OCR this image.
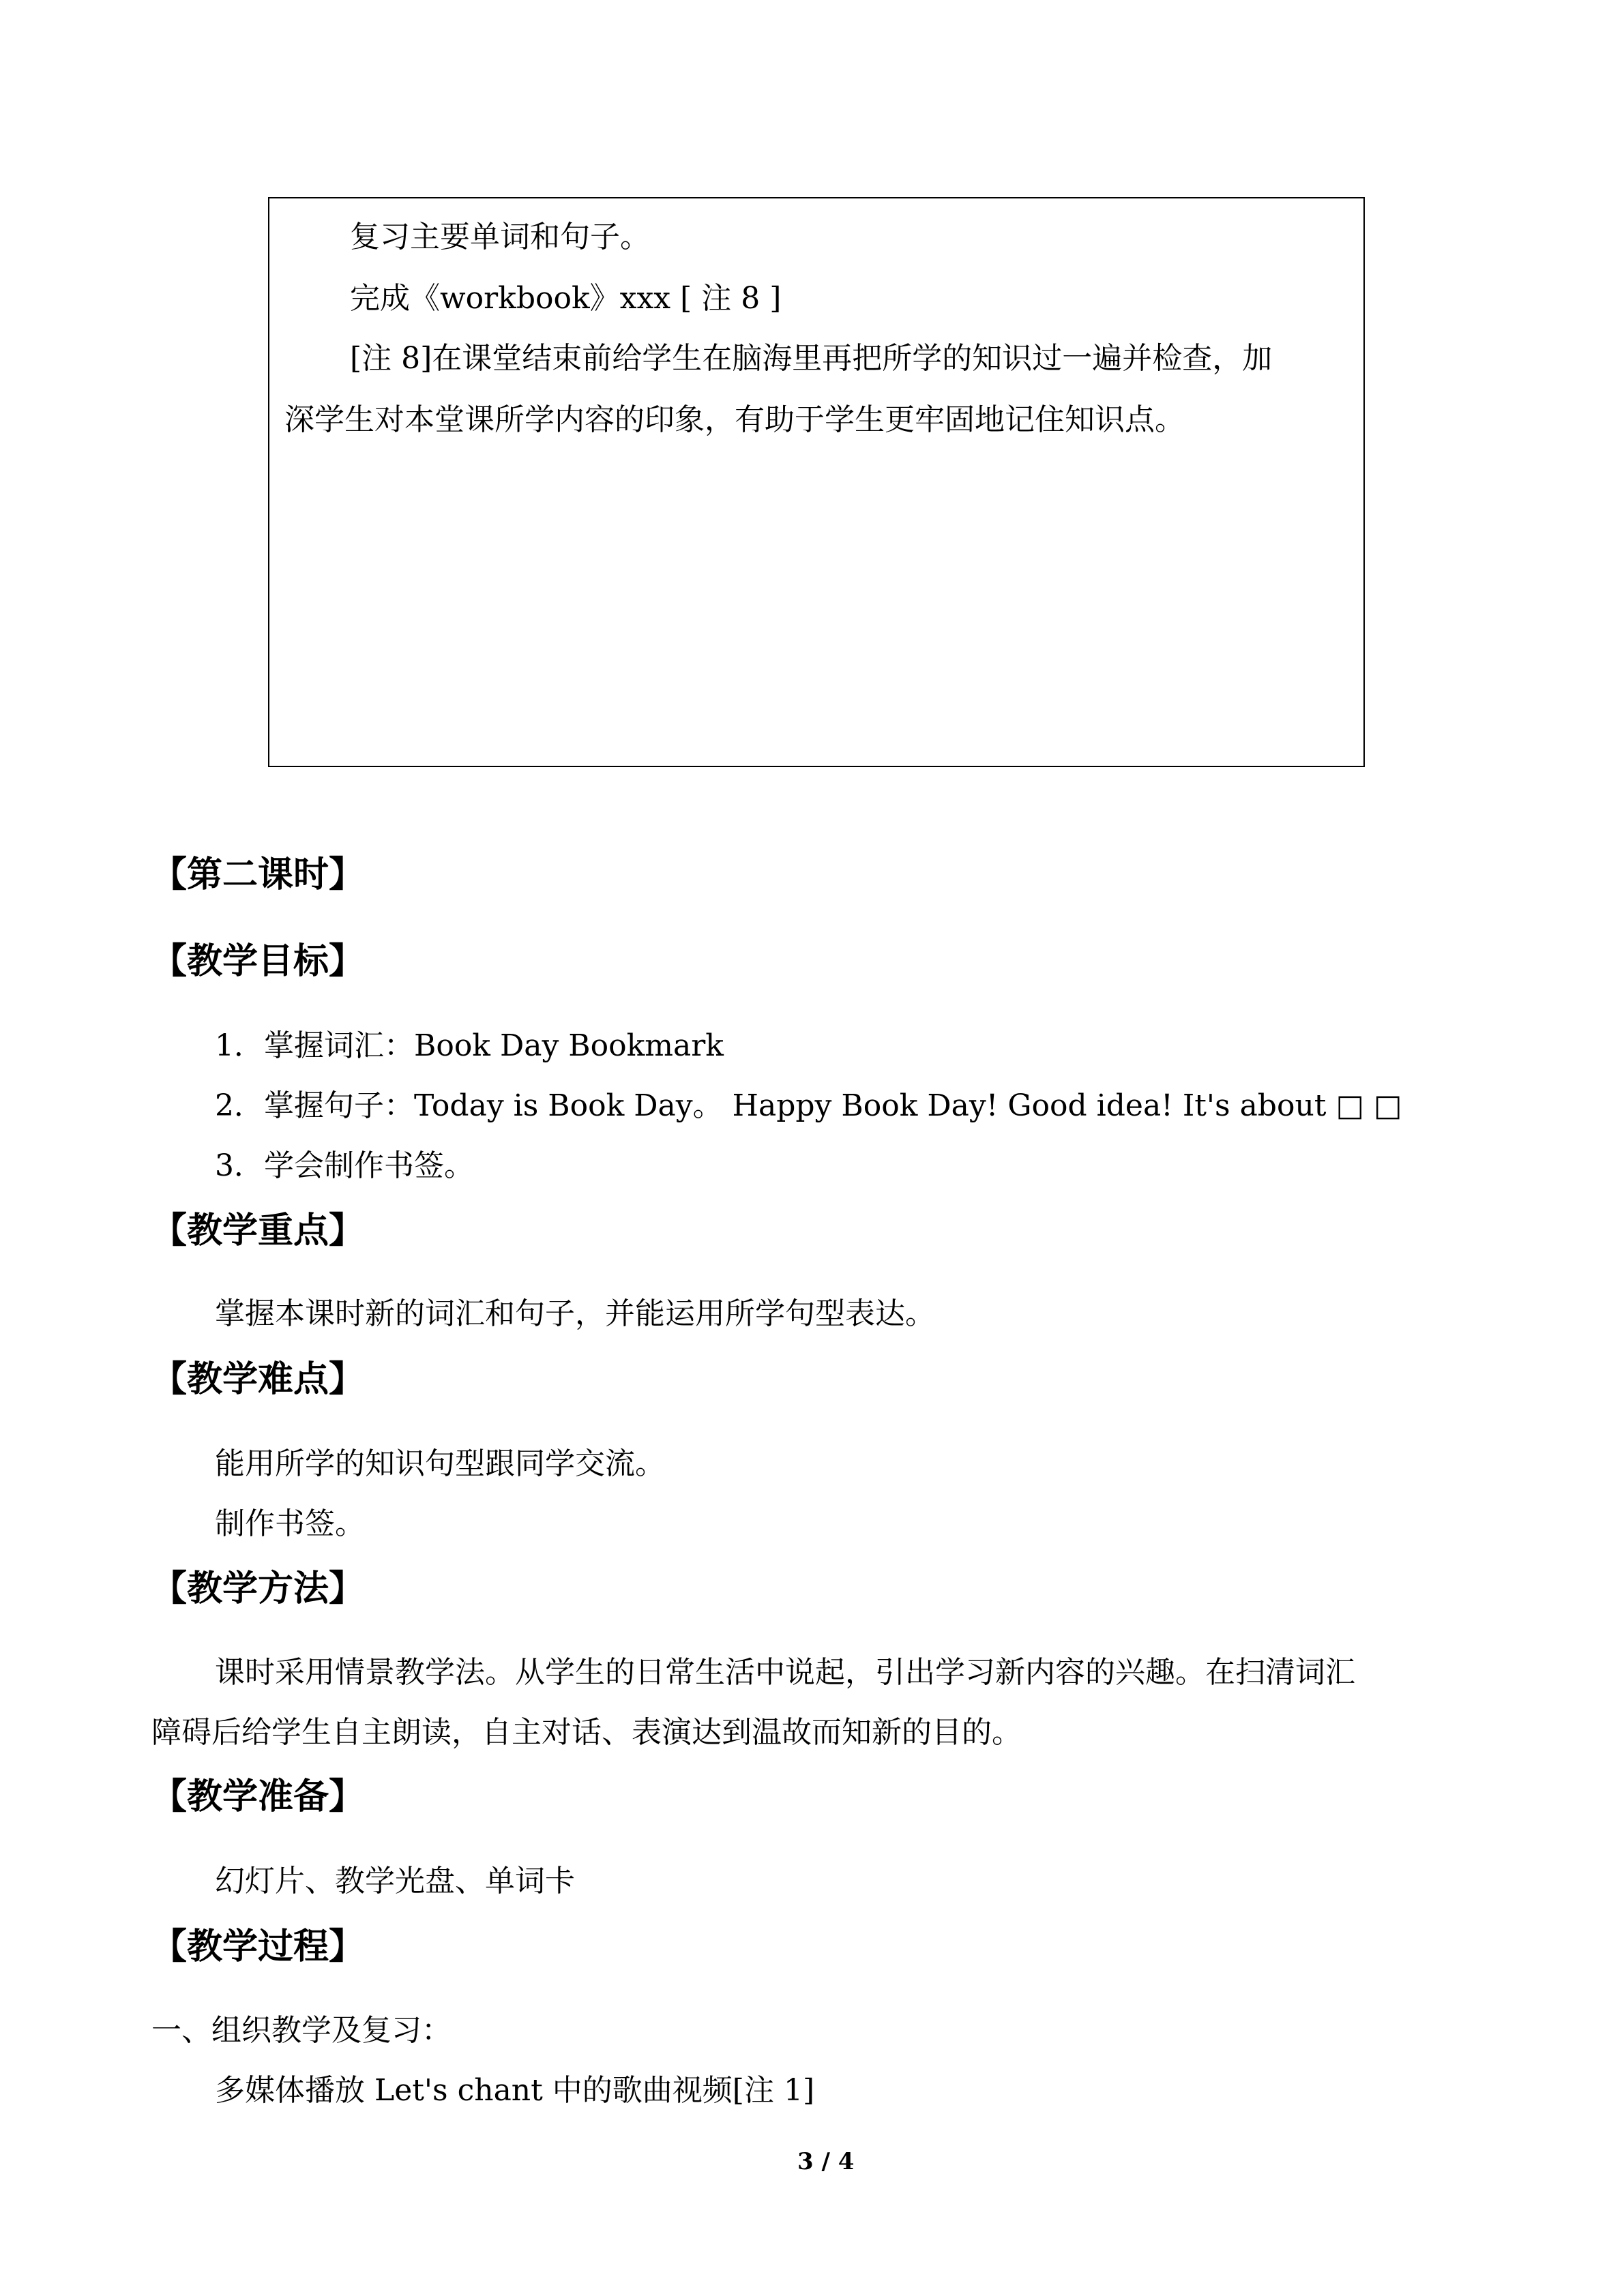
复习主要单词和句子。
完成《workbook》xxx [ 注 8 ]
[注 8]在课堂结束前给学生在脑海里再把所学的知识过一遍并检查，加
深学生对本堂课所学内容的印象，有助于学生更牢固地记住知识点。
【第二课时】
【教学目标】
1．掌握词汇：Book Day Bookmark
2．掌握句子：Today is Book Day。 Happy Book Day! Good idea! It's about □ □
3．学会制作书签。
【教学重点】
掌握本课时新的词汇和句子，并能运用所学句型表达。
【教学难点】
能用所学的知识句型跟同学交流。
制作书签。
【教学方法】
课时采用情景教学法。从学生的日常生活中说起，引出学习新内容的兴趣。在扫清词汇
障碍后给学生自主朗读，自主对话、表演达到温故而知新的目的。
【教学准备】
幻灯片、教学光盘、单词卡
【教学过程】
一、组织教学及复习：
多媒体播放 Let's chant 中的歌曲视频[注 1]
3 / 4
